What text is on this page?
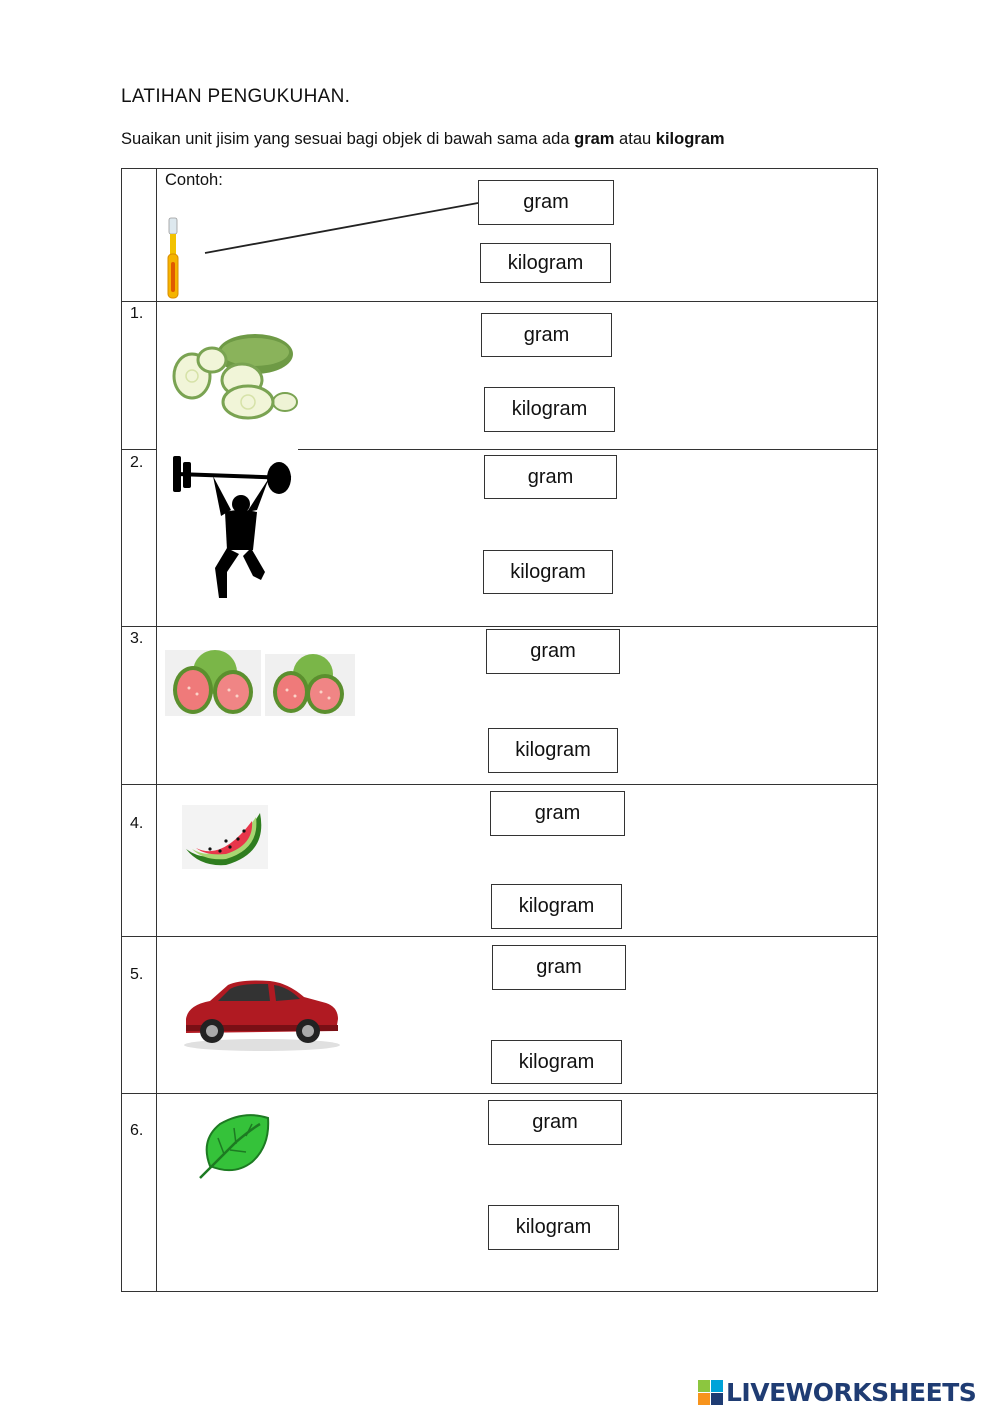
LATIHAN PENGUKUHAN.
Suaikan unit jisim yang sesuai bagi objek di bawah sama ada gram atau kilogram
Contoh:
gram
kilogram
1.
gram
kilogram
2.
gram
kilogram
3.
gram
kilogram
4.	gram
kilogram
5.	gram
kilogram
6.	gram
kilogram
LIVEWORKSHEETS
